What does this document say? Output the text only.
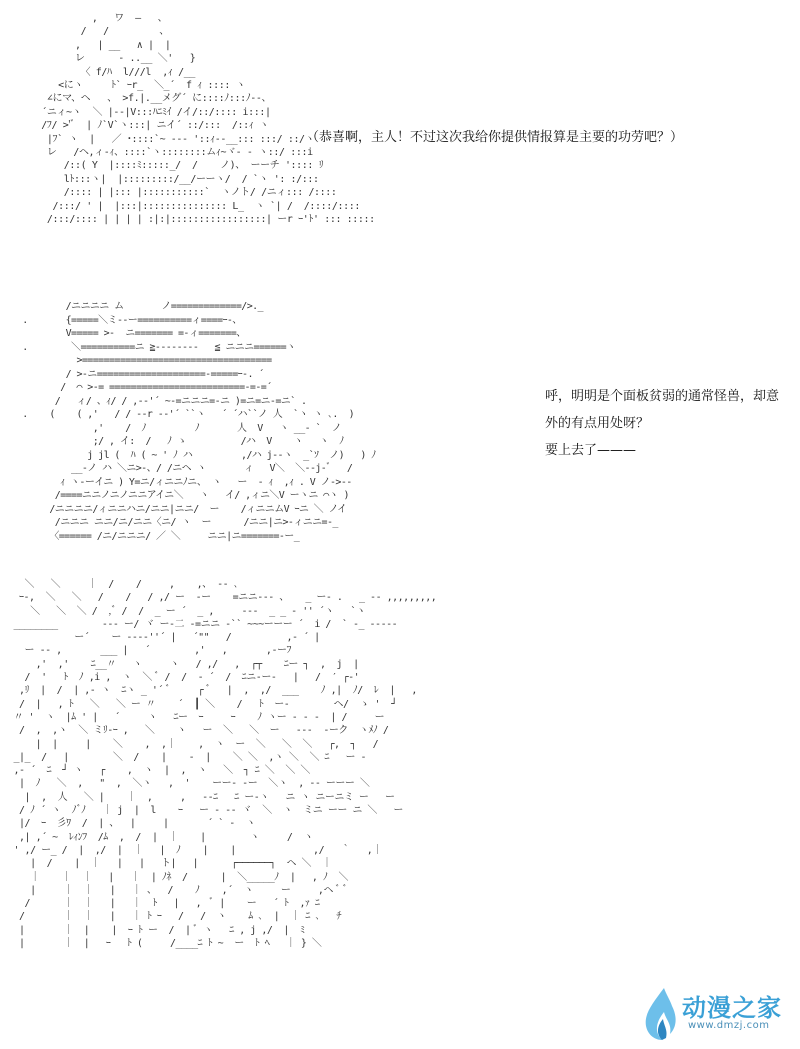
,   ワ  ―   、
/   /         、
,   | __   ∧ |  |
レ      - ..__ ＼'   }
〈 f/ﾊ  l///l  ,ｨ /__
<にヽ     ﾄ` ｰr_  ＼_´  f ｨ :::: ヽ
∠にマ、ヘ   、 >f.|.__メグ´ に::::ﾉ:::ﾉ--、
´ニィ~ヽ  ＼ |--|V:::ﾊﾆﾐｲ /イ/::/:::: i:::|
/ﾌ/ >'ﾞ  | ﾉ`V`ヽ:::| ニイ´ ::/:::  /::ｨ ヽ
|ﾌ` ヽ  |   ／ ･::::`~ --- '::ｨ--__::: :::/ ::/ヽ
レ   /ヘ,ィ-ｨ、::::`ヽ::::::::ムｨ~ヾ- ‐ ヽ::/ :::i
/::( Y  |::::ﾐ:::::_/  /    ノ)、 ーーチ ':::: ﾘ
lﾄ:::ヽ|  |:::::::::/__/ーーヽ/  / `ヽ ': :/:::
/:::: | |::: |:::::::::::`  ヽノト/ /ニィ::: /::::
/:::/ ' |  |:::|::::::::::::::: L_  ヽ `| /  /::::/::::
/:::/:::: | | | | :|:|:::::::::::::::::| ーr ｰ'ﾄ' ::: :::::

（恭喜啊，主人！不过这次我给你提供情报算是主要的功劳吧？）

/ニニニニ ム       ノ=============/>._
.       {=====＼ミ--ー==========ィ====ｰ-、
V===== >-  ニ======= =-ィ=======、
.        ＼==========ニ ≧--------   ≦ ニニニ======ヽ
>===================================
/ >-ニ====================-=====ｰ-. ´
/  ⌒ >-= =========================-=-=´
/   ィ/ 、ｨ/ / ,-‐'´ ~‐=ニニニ=-ニ )=ニ=ニ-=ニ` .
.    (    ( ,'   / / --r ‐‐'´ ``ヽ   ´ ´ハ``ノ 人  `ヽ ヽ ､.  )
,'    /  ﾉ         ﾉ       人  V   ヽ __- `  ノ
;/ , イ:  /   ﾉ ゝ          /ハ  V    ヽ   ヽ  ﾉ
j jl (  ﾊ ( ~ ' ﾉ ハ         ,/ハ j--ヽ  _`ｿ  ノ)   ) ﾉ
__-ノ ハ ＼ニ>-、/ /ニヘ ヽ       ィ   V＼  ＼--j-ﾞ   /
ｨ ヽ-ーイニ ) Y=ニ/ィニニﾉニ、 ヽ   ー  - ｨ  ,ｨ . V ノ->‐-
/====ニニノニノニニアイニ＼   ヽ   イ/ ,ィニ＼V ーヽニ ⌒ヽ )
/ニニニニ/ィニニハニ/ニニ|ニニ/  ー    /ィニニムV ｰニ ＼ ノイ
/ニニニ ニニ/ニ/ニニ〈ニ/ ヽ  ー      /ニニ|ニ>-ィニニ=-_
〈====== /ニ/ニニニ/ ／ ＼     ニニ|ニ=======-ー_
呼，明明是个面板贫弱的通常怪兽，却意
外的有点用处呀？
要上去了———
＼   ＼     ｜  /    /     ,    ,、 -‐ ､
ｰ-,  ＼   ＼   /    /   / ,/ ー  -ー    =ニニ--- 、   _ ー- .   _ -- ,,,,,,,,,
＼   ＼  ＼ /  ,ﾞ /  /  _ ー ´  _ ,     ---  _ _ - '' ´ヽ   `ヽ
________        -‐- ー/ ヾ ー-二 ‐=ニニ ‐`` ~~~ーーー ´  i /  ` -_ -----
ー´    ー ---‐''´ |   ´""   /          ,- ´ |
ー -- ,       ___ |   ´        ,'   ,       ,-ーﾌ
,'  ,'    ﾆ__〃   ヽ     ヽ   / ,/   ,  ┌┬    ﾆー ┐  ,  j  |
/  '   ﾄ  ﾉ ,i ,  ヽ  ＼ ﾞ /  /  ‐ ´  /  ﾆニ-ー-   |   /  ′ ┌-'
,ﾘ  |  /  | ,- ヽ  ﾆヽ _ '´ ﾞ     ┌ ﾞ   |  ,  ,/  ___    ﾉ ,|  ﾉ/  ﾚ  |   ,
/  |   , ﾄ   ＼   ＼ ー 〃    ´  ┃ ＼    /   ﾄ  ー-        ヘ/  ゝ '  ┘
〃 '  ヽ  |ﾑ ' |   ´     ヽ   ﾆー  ｰ     ｰ    ﾉ ヽー ‐ ‐ -  | /     ー
/  ,  ,ヽ  ＼ ミﾘ‐ｰ ,   ＼    ヽ   ー  ＼   ＼  ー   -‐-  -ーク  ヽﾒﾉ /
|  |     |    ＼    ,  ,｜    ,  ヽ  ー  ＼   ＼  ＼   ┌,  ┐   /
_|_  /   |        ＼  /    |    ‐  |    ＼ ＼  ,ヽ ＼  ＼ ﾆ   ー -
,- ´  ﾆ  ┘ ヽ   ┌    ,  ヽ  |  ,  ヽ   ＼  ┐ ﾆ ＼  ＼ ＼
|  ﾉ   ＼  ,   "  ,  ＼ヽ   ,  '    ーー‐ -ー  ＼ヽ  , -- ーーー ＼
|  ,  人   ＼ |    ｜  ,     ,   --ﾆ   ﾆ ー‐ヽ   ニ ヽ ニーニミ ー   ー
/ ﾉ ´ ヽ  ﾉﾞﾉ   ｜ j  |  l    ｰ   ー ‐ -- ヾ  ＼  ヽ  ミニ ーー ニ ＼   ー
|/  ｰ  彡ﾜ  /  | 、  |     |       ´ ` -  ヽ
,| ,´ ~  ﾚｨﾝﾌ  /ﾑ  ,  /  |  ｜    |        ヽ     /  ヽ
' ,/ ー_ /  |  ,/  |  ｜   |  ﾉ    |    |              ,/   ｀   ,｜
|  /    |  ｜   |   |   ト|   |      ┌──────┐  ヘ ＼  ｜
｜    ｜  ｜   |   ｜  | ﾉﾈ  /      |  ＼_____ﾉ  |   , ﾉ  ＼
|     ｜  ｜   |   ｜ 、  /    ﾉ    ,´  ヽ     ー     ,ヘ ﾞ ﾞ
/      ｜  ｜   |   ｜  ﾄ   |   ,  ﾞ |    ー   ´ ﾄ  ,ｧ ﾆ
/       ｜  ｜   |   ｜ ﾄ ｰ   /   /  ヽ    ﾑ ､  |  ｜ ﾆ ､   ﾁ
|       ｜  |    |  ｰ ﾄ ー  /  | ﾞ ヽ   ﾆ , j ,/  |  ﾐ
|       ｜  |   ｰ   ﾄ (     /____ﾆ ﾄ ~  ー  ﾄ ﾍ   ｜ } ＼

动漫之家
www.dmzj.com
